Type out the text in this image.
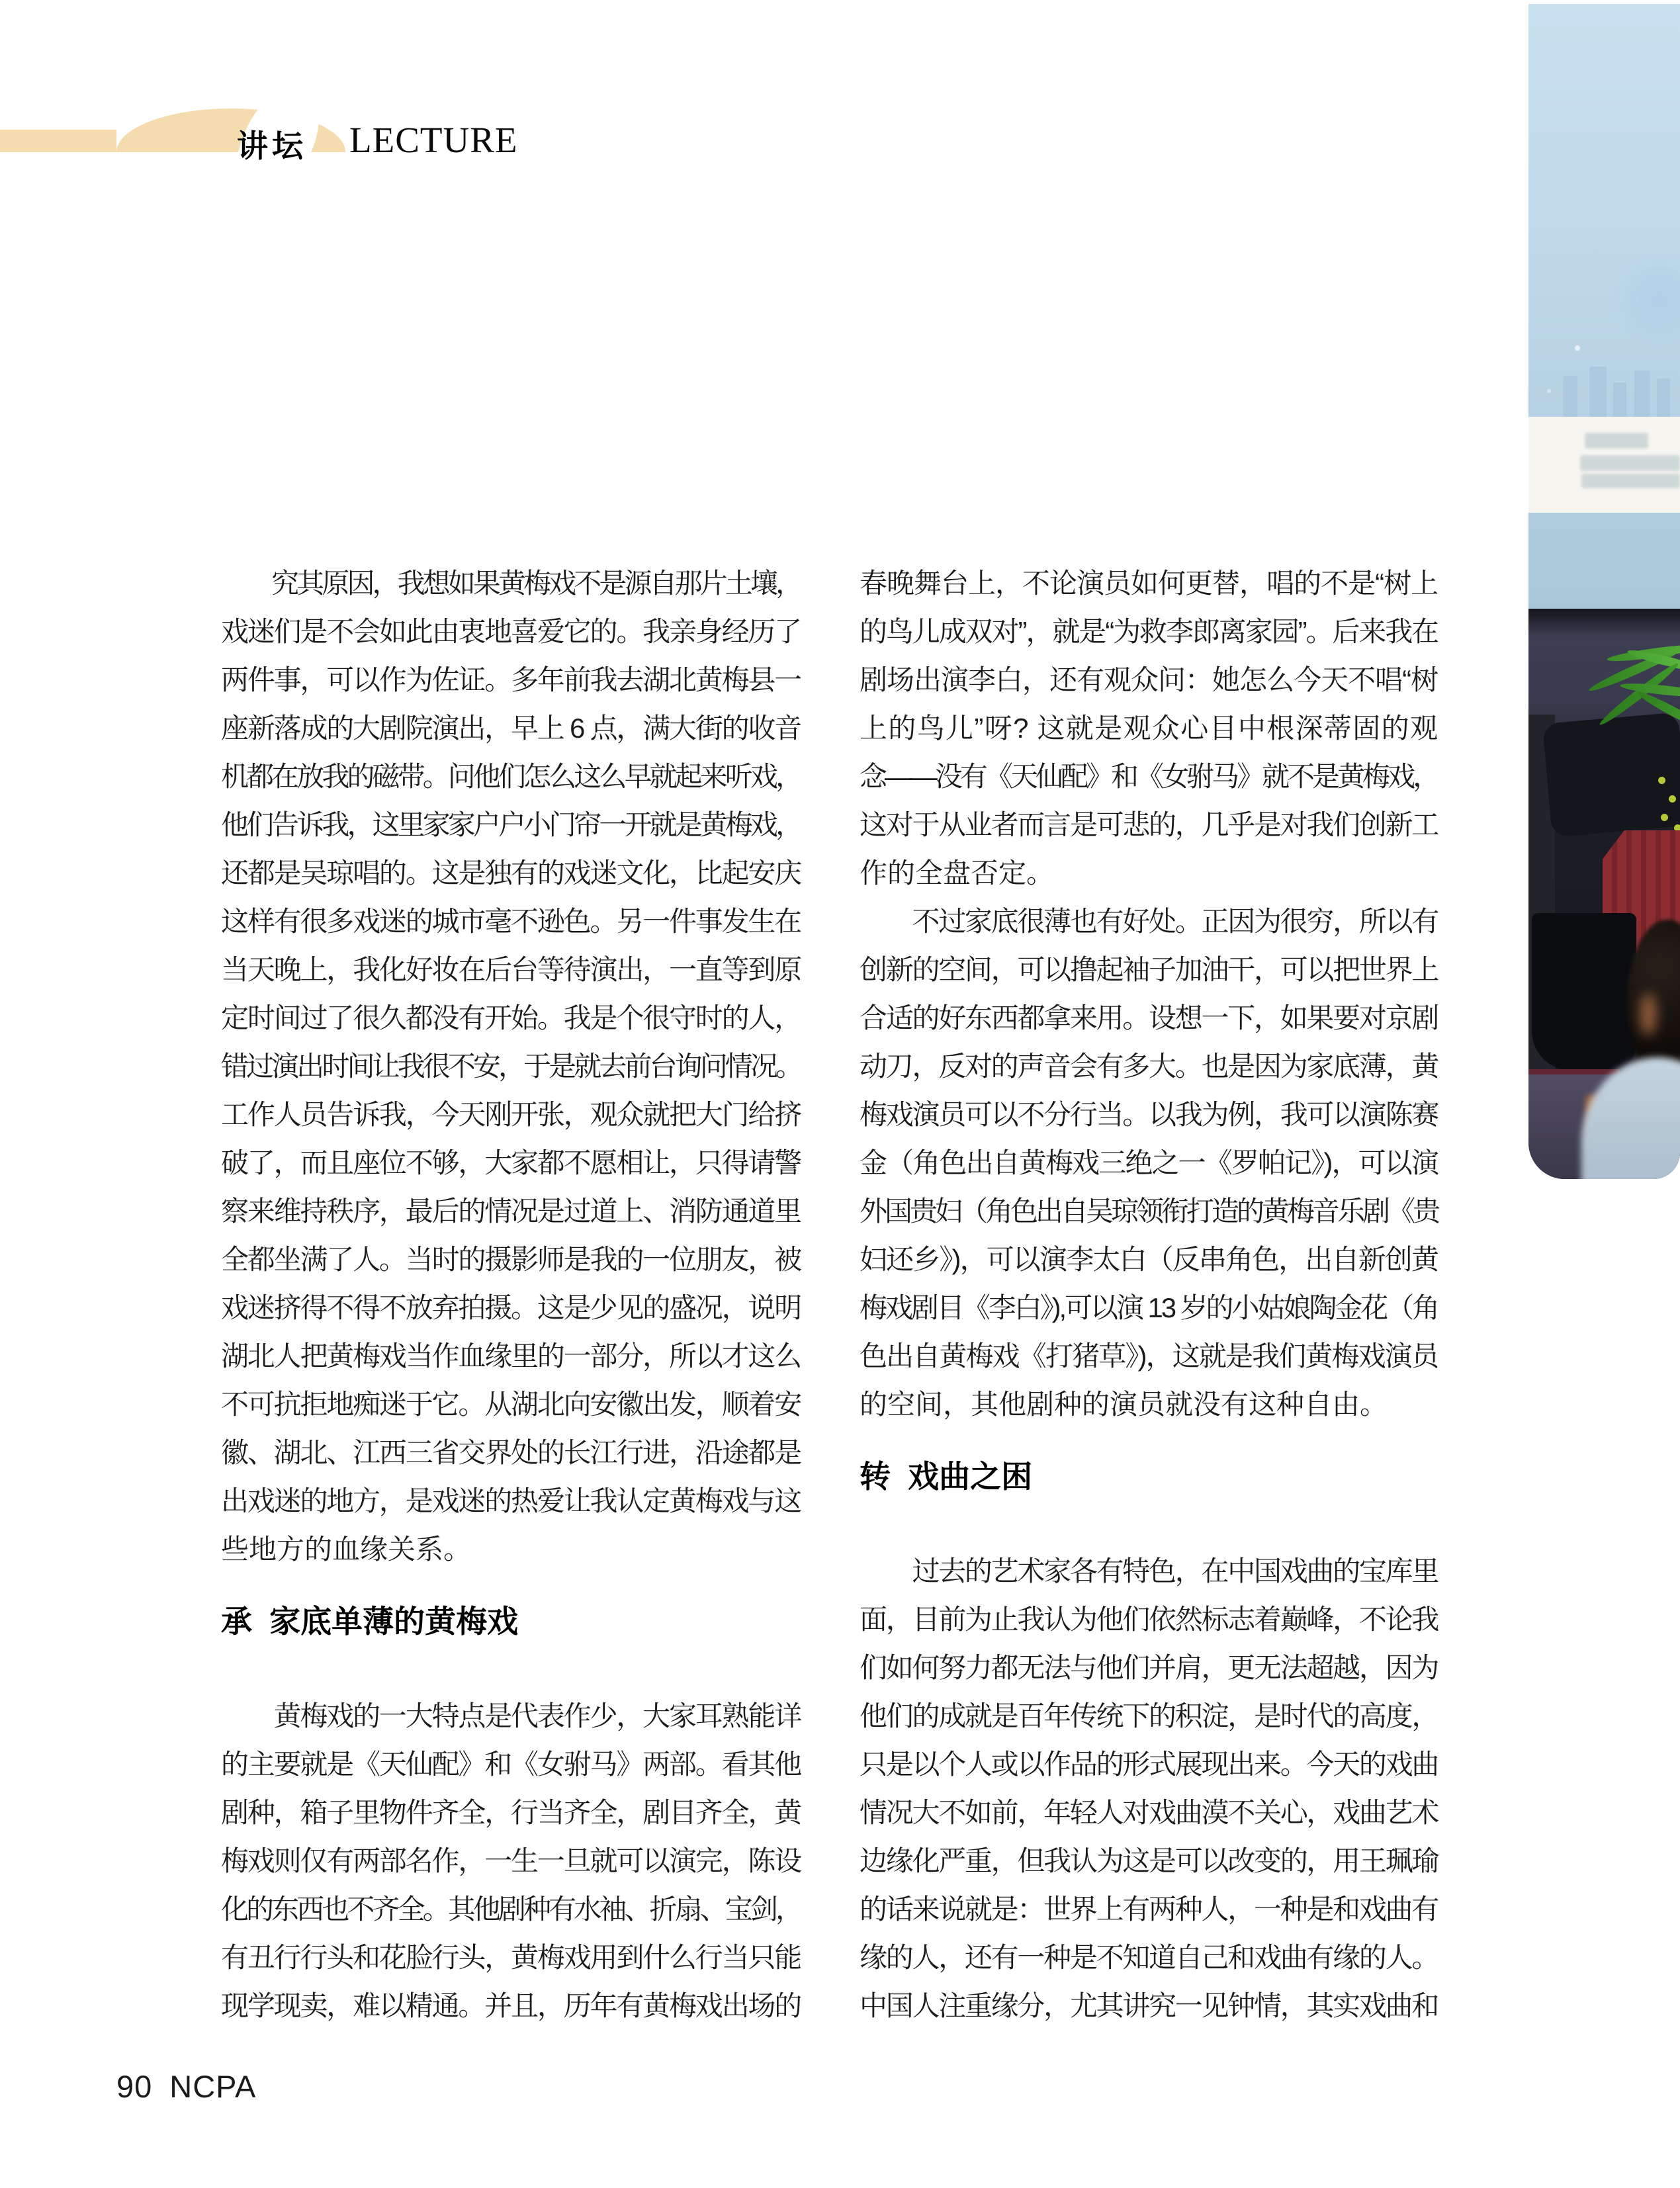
讲坛 LECTURE
　　究其原因，我想如果黄梅戏不是源自那片土壤，
戏迷们是不会如此由衷地喜爱它的。我亲身经历了
两件事，可以作为佐证。多年前我去湖北黄梅县一
座新落成的大剧院演出，早上 6 点，满大街的收音
机都在放我的磁带。问他们怎么这么早就起来听戏，
他们告诉我，这里家家户户小门帘一开就是黄梅戏，
还都是吴琼唱的。这是独有的戏迷文化，比起安庆
这样有很多戏迷的城市毫不逊色。另一件事发生在
当天晚上，我化好妆在后台等待演出，一直等到原
定时间过了很久都没有开始。我是个很守时的人，
错过演出时间让我很不安，于是就去前台询问情况。
工作人员告诉我，今天刚开张，观众就把大门给挤
破了，而且座位不够，大家都不愿相让，只得请警
察来维持秩序，最后的情况是过道上、消防通道里
全都坐满了人。当时的摄影师是我的一位朋友，被
戏迷挤得不得不放弃拍摄。这是少见的盛况，说明
湖北人把黄梅戏当作血缘里的一部分，所以才这么
不可抗拒地痴迷于它。从湖北向安徽出发，顺着安
徽、湖北、江西三省交界处的长江行进，沿途都是
出戏迷的地方，是戏迷的热爱让我认定黄梅戏与这
些地方的血缘关系。
承  家底单薄的黄梅戏
　　黄梅戏的一大特点是代表作少，大家耳熟能详
的主要就是《天仙配》和《女驸马》两部。看其他
剧种，箱子里物件齐全，行当齐全，剧目齐全，黄
梅戏则仅有两部名作，一生一旦就可以演完，陈设
化的东西也不齐全。其他剧种有水袖、折扇、宝剑，
有丑行行头和花脸行头，黄梅戏用到什么行当只能
现学现卖，难以精通。并且，历年有黄梅戏出场的
春晚舞台上，不论演员如何更替，唱的不是“树上
的鸟儿成双对”，就是“为救李郎离家园”。后来我在
剧场出演李白，还有观众问：她怎么今天不唱“树
上的鸟儿”呀? 这就是观众心目中根深蒂固的观
念——没有《天仙配》和《女驸马》就不是黄梅戏，
这对于从业者而言是可悲的，几乎是对我们创新工
作的全盘否定。
　　不过家底很薄也有好处。正因为很穷，所以有
创新的空间，可以撸起袖子加油干，可以把世界上
合适的好东西都拿来用。设想一下，如果要对京剧
动刀，反对的声音会有多大。也是因为家底薄，黄
梅戏演员可以不分行当。以我为例，我可以演陈赛
金（角色出自黄梅戏三绝之一《罗帕记》)，可以演
外国贵妇（角色出自吴琼领衔打造的黄梅音乐剧《贵
妇还乡》)，可以演李太白（反串角色，出自新创黄
梅戏剧目《李白》),可以演 13 岁的小姑娘陶金花（角
色出自黄梅戏《打猪草》)，这就是我们黄梅戏演员
的空间，其他剧种的演员就没有这种自由。
转  戏曲之困
　　过去的艺术家各有特色，在中国戏曲的宝库里
面，目前为止我认为他们依然标志着巅峰，不论我
们如何努力都无法与他们并肩，更无法超越，因为
他们的成就是百年传统下的积淀，是时代的高度，
只是以个人或以作品的形式展现出来。今天的戏曲
情况大不如前，年轻人对戏曲漠不关心，戏曲艺术
边缘化严重，但我认为这是可以改变的，用王珮瑜
的话来说就是：世界上有两种人，一种是和戏曲有
缘的人，还有一种是不知道自己和戏曲有缘的人。
中国人注重缘分，尤其讲究一见钟情，其实戏曲和
90 NCPA
